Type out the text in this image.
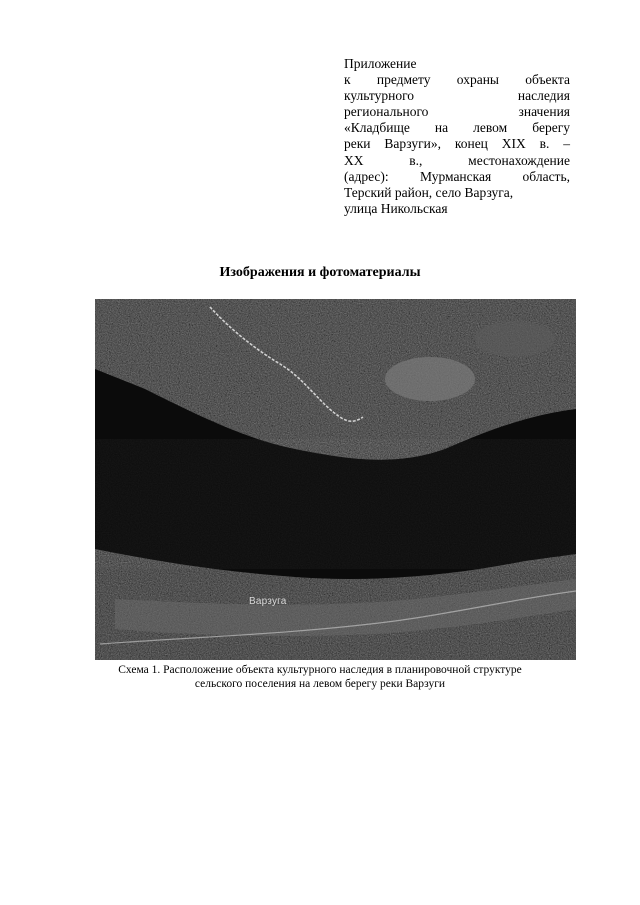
Приложение
к предмету охраны объекта
культурного наследия
регионального значения
«Кладбище на левом берегу
реки Варзуги», конец XIX в. –
XX в., местонахождение
(адрес): Мурманская область,
Терский район, село Варзуга,
улица Никольская
Изображения и фотоматериалы
Варзуга
Схема 1. Расположение объекта культурного наследия в планировочной структуре
сельского поселения на левом берегу реки Варзуги
